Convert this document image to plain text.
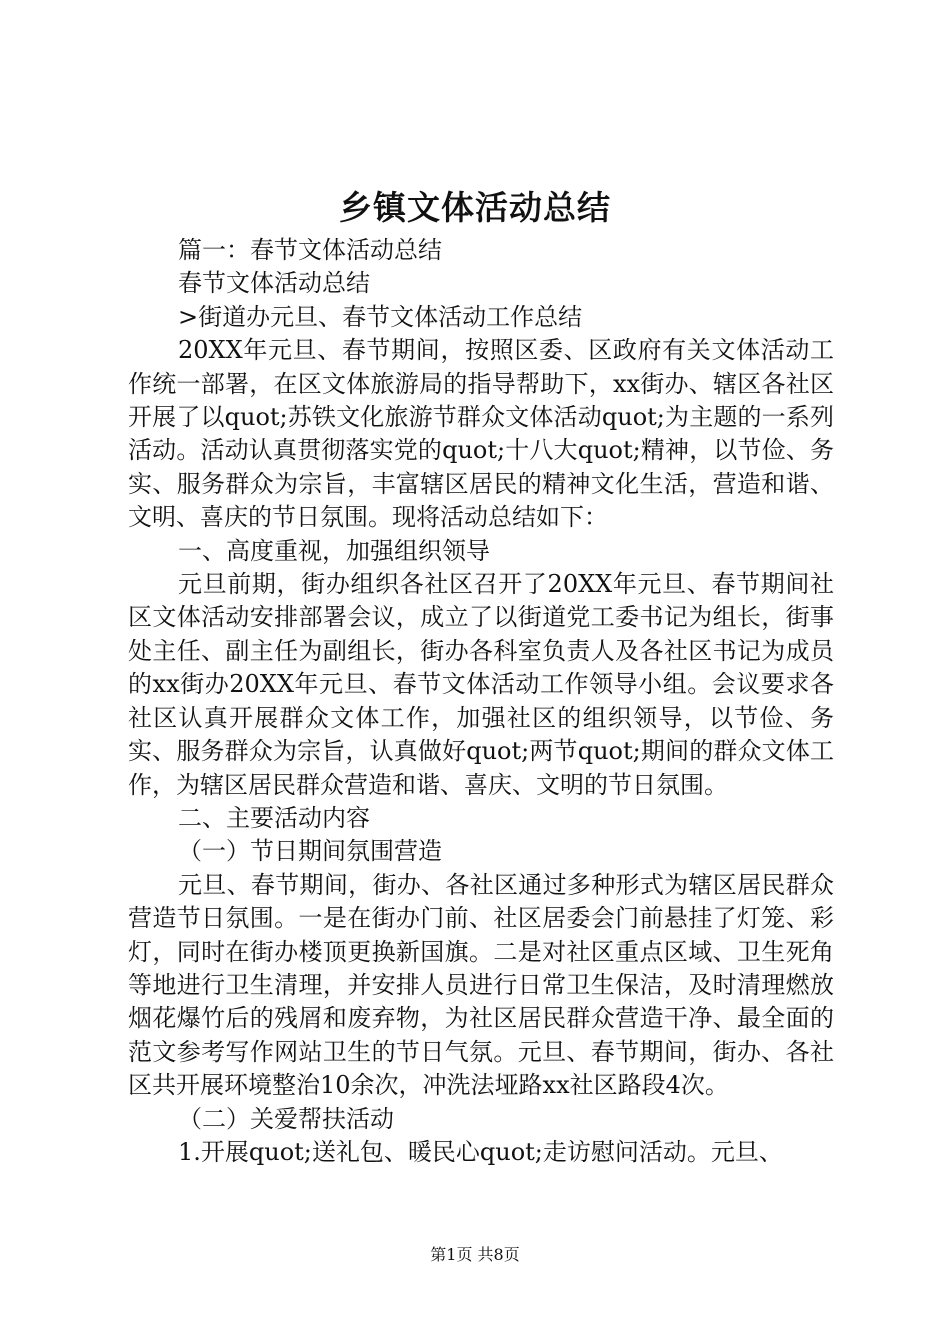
乡镇文体活动总结

篇一：春节文体活动总结

春节文体活动总结

>街道办元旦、春节文体活动工作总结

20XX年元旦、春节期间，按照区委、区政府有关文体活动工作统一部署，在区文体旅游局的指导帮助下，xx街办、辖区各社区开展了以quot;苏铁文化旅游节群众文体活动quot;为主题的一系列活动。活动认真贯彻落实党的quot;十八大quot;精神，以节俭、务实、服务群众为宗旨，丰富辖区居民的精神文化生活，营造和谐、文明、喜庆的节日氛围。现将活动总结如下：

一、高度重视，加强组织领导

元旦前期，街办组织各社区召开了20XX年元旦、春节期间社区文体活动安排部署会议，成立了以街道党工委书记为组长，街事处主任、副主任为副组长，街办各科室负责人及各社区书记为成员的xx街办20XX年元旦、春节文体活动工作领导小组。会议要求各社区认真开展群众文体工作，加强社区的组织领导，以节俭、务实、服务群众为宗旨，认真做好quot;两节quot;期间的群众文体工作，为辖区居民群众营造和谐、喜庆、文明的节日氛围。

二、主要活动内容

（一）节日期间氛围营造

元旦、春节期间，街办、各社区通过多种形式为辖区居民群众营造节日氛围。一是在街办门前、社区居委会门前悬挂了灯笼、彩灯，同时在街办楼顶更换新国旗。二是对社区重点区域、卫生死角等地进行卫生清理，并安排人员进行日常卫生保洁，及时清理燃放烟花爆竹后的残屑和废弃物，为社区居民群众营造干净、最全面的范文参考写作网站卫生的节日气氛。元旦、春节期间，街办、各社区共开展环境整治10余次，冲洗法垭路xx社区路段4次。

（二）关爱帮扶活动

1.开展quot;送礼包、暖民心quot;走访慰问活动。元旦、

第1页 共8页
